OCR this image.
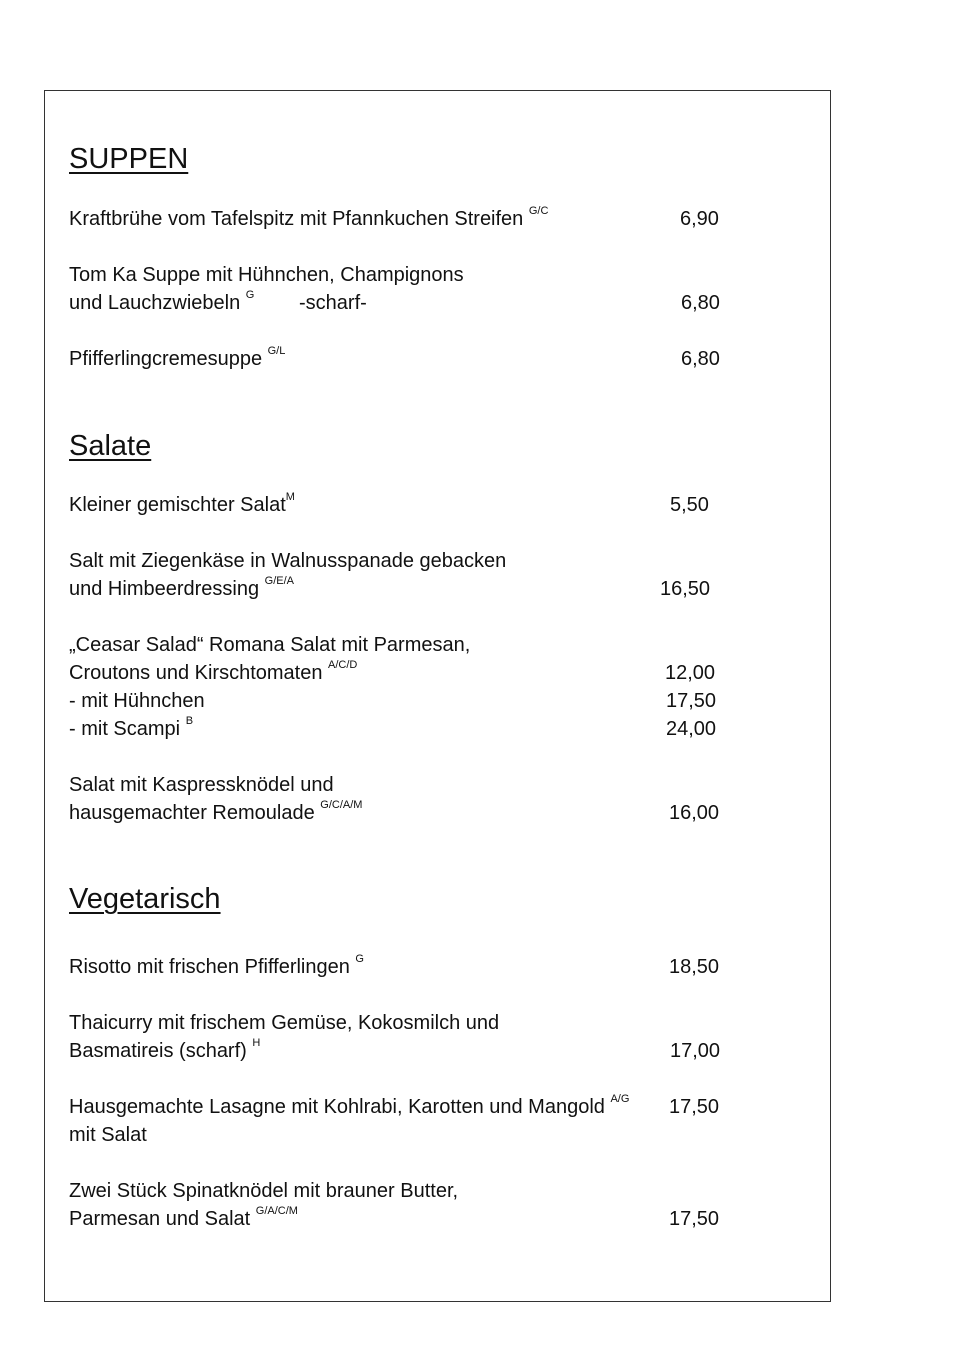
SUPPEN
Kraftbrühe vom Tafelspitz mit Pfannkuchen Streifen $^{G/C}$	6,90
Tom Ka Suppe mit Hühnchen, Champignons
und Lauchzwiebeln $^G$ -scharf-	6,80
Pfifferlingcremesuppe $^{G/L}$	6,80
Salate
Kleiner gemischter Salat$^M$	5,50
Salt mit Ziegenkäse in Walnusspanade gebacken
und Himbeerdressing $^{G/E/A}$	16,50
„Ceasar Salad“ Romana Salat mit Parmesan,
Croutons und Kirschtomaten $^{A/C/D}$	12,00
- mit Hühnchen	17,50
- mit Scampi $^B$	24,00
Salat mit Kaspressknödel und
hausgemachter Remoulade $^{G/C/A/M}$	16,00
Vegetarisch
Risotto mit frischen Pfifferlingen $^G$	18,50
Thaicurry mit frischem Gemüse, Kokosmilch und
Basmatireis (scharf) $^H$	17,00
Hausgemachte Lasagne mit Kohlrabi, Karotten und Mangold $^{A/G}$ 17,50
mit Salat
Zwei Stück Spinatknödel mit brauner Butter,
Parmesan und Salat $^{G/A/C/M}$	17,50
